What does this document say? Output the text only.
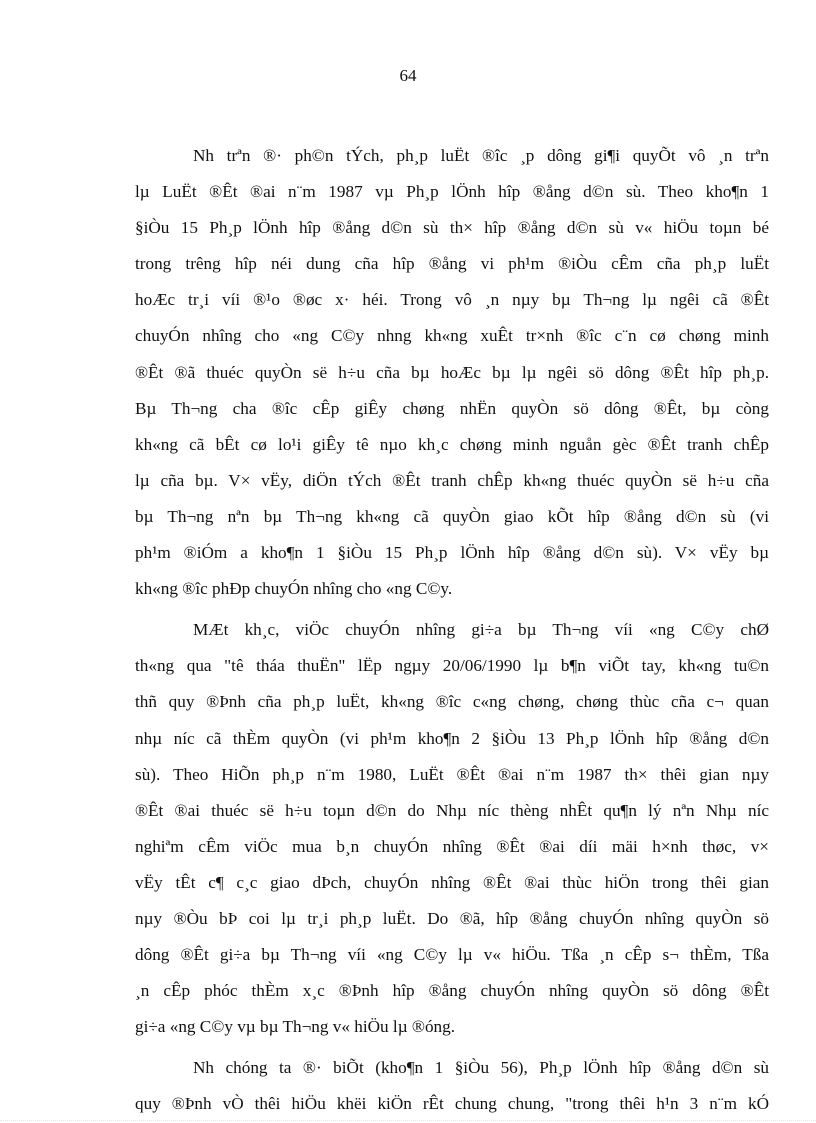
64
Nh trªn ®· ph©n tÝch, ph¸p luËt ®îc ¸p dông gi¶i quyÕt vô ¸n trªn
lµ LuËt ®Êt ®ai n¨m 1987 vµ Ph¸p lÖnh hîp ®ång d©n sù. Theo kho¶n 1
§iÒu 15 Ph¸p lÖnh hîp ®ång d©n sù th× hîp ®ång d©n sù v« hiÖu toµn bé
trong trêng hîp néi dung cña hîp ®ång vi ph¹m ®iÒu cÊm cña ph¸p luËt
hoÆc tr¸i víi ®¹o ®øc x· héi. Trong vô ¸n nµy bµ Th¬ng lµ ngêi cã ®Êt
chuyÓn nhîng cho «ng C©y nhng kh«ng xuÊt tr×nh ®îc c¨n cø chøng minh
®Êt ®ã thuéc quyÒn së h÷u cña bµ hoÆc bµ lµ ngêi sö dông ®Êt hîp ph¸p.
Bµ Th¬ng cha ®îc cÊp giÊy chøng nhËn quyÒn sö dông ®Êt, bµ còng
kh«ng cã bÊt cø lo¹i giÊy tê nµo kh¸c chøng minh nguån gèc ®Êt tranh chÊp
lµ cña bµ. V× vËy, diÖn tÝch ®Êt tranh chÊp kh«ng thuéc quyÒn së h÷u cña
bµ Th¬ng nªn bµ Th¬ng kh«ng cã quyÒn giao kÕt hîp ®ång d©n sù (vi
ph¹m ®iÓm a kho¶n 1 §iÒu 15 Ph¸p lÖnh hîp ®ång d©n sù). V× vËy bµ
kh«ng ®îc phÐp chuyÓn nhîng cho «ng C©y.
MÆt kh¸c, viÖc chuyÓn nhîng gi÷a bµ Th¬ng víi «ng C©y chØ
th«ng qua "tê tháa thuËn" lËp ngµy 20/06/1990 lµ b¶n viÕt tay, kh«ng tu©n
thñ quy ®Þnh cña ph¸p luËt, kh«ng ®îc c«ng chøng, chøng thùc cña c¬ quan
nhµ níc cã thÈm quyÒn (vi ph¹m kho¶n 2 §iÒu 13 Ph¸p lÖnh hîp ®ång d©n
sù). Theo HiÕn ph¸p n¨m 1980, LuËt ®Êt ®ai n¨m 1987 th× thêi gian nµy
®Êt ®ai thuéc së h÷u toµn d©n do Nhµ níc thèng nhÊt qu¶n lý nªn Nhµ níc
nghiªm cÊm viÖc mua b¸n chuyÓn nhîng ®Êt ®ai díi mäi h×nh thøc, v×
vËy tÊt c¶ c¸c giao dÞch, chuyÓn nhîng ®Êt ®ai thùc hiÖn trong thêi gian
nµy ®Òu bÞ coi lµ tr¸i ph¸p luËt. Do ®ã, hîp ®ång chuyÓn nhîng quyÒn sö
dông ®Êt gi÷a bµ Th¬ng víi «ng C©y lµ v« hiÖu. Tßa ¸n cÊp s¬ thÈm, Tßa
¸n cÊp phóc thÈm x¸c ®Þnh hîp ®ång chuyÓn nhîng quyÒn sö dông ®Êt
gi÷a «ng C©y vµ bµ Th¬ng v« hiÖu lµ ®óng.
Nh chóng ta ®· biÕt (kho¶n 1 §iÒu 56), Ph¸p lÖnh hîp ®ång d©n sù
quy ®Þnh vÒ thêi hiÖu khëi kiÖn rÊt chung chung, "trong thêi h¹n 3 n¨m kÓ
